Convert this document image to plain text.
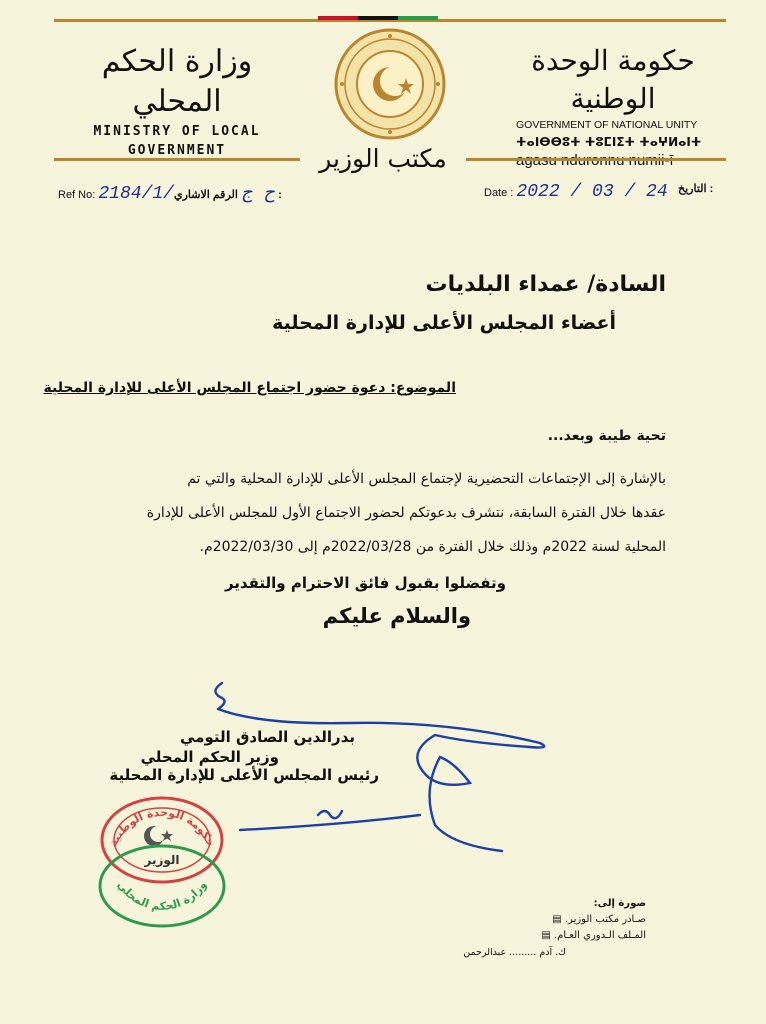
وزارة الحكم المحلي
MINISTRY OF LOCAL
GOVERNMENT
حكومة الوحدة الوطنية
GOVERNMENT OF NATIONAL UNITY
ⵜⴰⵏⴱⴱⵓⵜ ⵜⵓⵎⵏⵉⵜ ⵜⴰⵖⵍⴰⵏⵜ
مكتب الوزير
Ref No: 2184/1/ح ج الرقم الاشاري :	Date : 2022 / 03 / 24 : التاريخ
السادة/ عمداء البلديات
أعضاء المجلس الأعلى للإدارة المحلية
الموضوع: دعوة حضور اجتماع المجلس الأعلى للإدارة المحلية
تحية طيبة وبعد...
بالإشارة إلى الإجتماعات التحضيرية لإجتماع المجلس الأعلى للإدارة المحلية والتي تم
عقدها خلال الفترة السابقة، نتشرف بدعوتكم لحضور الاجتماع الأول للمجلس الأعلى للإدارة
المحلية لسنة 2022م وذلك خلال الفترة من 2022/03/28م إلى 2022/03/30م.
وتفضلوا بقبول فائق الاحترام والتقدير
والسلام عليكم
بدرالدين الصادق التومي
وزير الحكم المحلي
رئيس المجلس الأعلى للإدارة المحلية
حكومة الوحدة الوطنية
الوزير
وزارة الحكم المحلي
صورة إلى:
صـادر مكتب الوزير. ▤
المـلف الـدوري العـام. ▤
ك. آدم ......... عبدالرحمن
